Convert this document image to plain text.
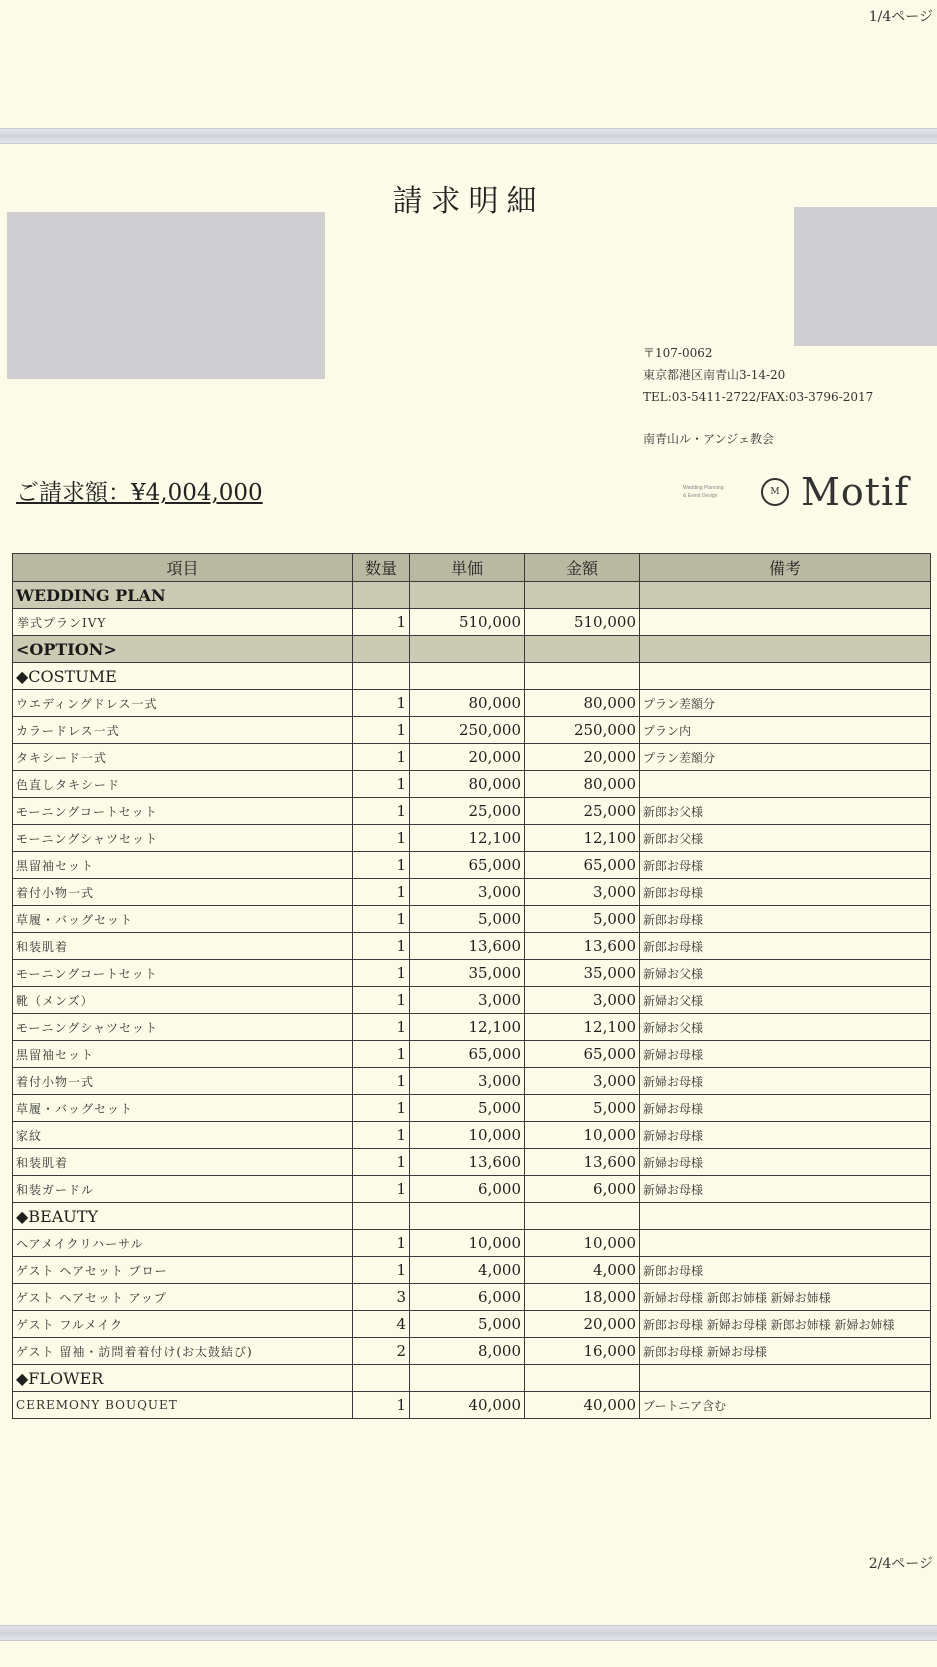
1/4ページ
請求明細
〒107-0062
東京都港区南青山3-14-20
TEL:03-5411-2722/FAX:03-3796-2017
南青山ル・アンジェ教会
ご請求額：¥4,004,000	Wedding Planning
& Event Design	M Motif
項目	数量	単価	金額	備考
WEDDING PLAN				
挙式プランIVY	1	510,000	510,000	
<OPTION>				
◆COSTUME				
ウエディングドレス一式	1	80,000	80,000	プラン差額分
カラードレス一式	1	250,000	250,000	プラン内
タキシード一式	1	20,000	20,000	プラン差額分
色直しタキシード	1	80,000	80,000	
モーニングコートセット	1	25,000	25,000	新郎お父様
モーニングシャツセット	1	12,100	12,100	新郎お父様
黒留袖セット	1	65,000	65,000	新郎お母様
着付小物一式	1	3,000	3,000	新郎お母様
草履・バッグセット	1	5,000	5,000	新郎お母様
和装肌着	1	13,600	13,600	新郎お母様
モーニングコートセット	1	35,000	35,000	新婦お父様
靴（メンズ）	1	3,000	3,000	新婦お父様
モーニングシャツセット	1	12,100	12,100	新婦お父様
黒留袖セット	1	65,000	65,000	新婦お母様
着付小物一式	1	3,000	3,000	新婦お母様
草履・バッグセット	1	5,000	5,000	新婦お母様
家紋	1	10,000	10,000	新婦お母様
和装肌着	1	13,600	13,600	新婦お母様
和装ガードル	1	6,000	6,000	新婦お母様
◆BEAUTY				
ヘアメイクリハーサル	1	10,000	10,000	
ゲスト ヘアセット ブロー	1	4,000	4,000	新郎お母様
ゲスト ヘアセット アップ	3	6,000	18,000	新婦お母様 新郎お姉様 新婦お姉様
ゲスト フルメイク	4	5,000	20,000	新郎お母様 新婦お母様 新郎お姉様 新婦お姉様
ゲスト 留袖・訪問着着付け(お太鼓結び)	2	8,000	16,000	新郎お母様 新婦お母様
◆FLOWER				
CEREMONY BOUQUET	1	40,000	40,000	ブートニア含む
2/4ページ
